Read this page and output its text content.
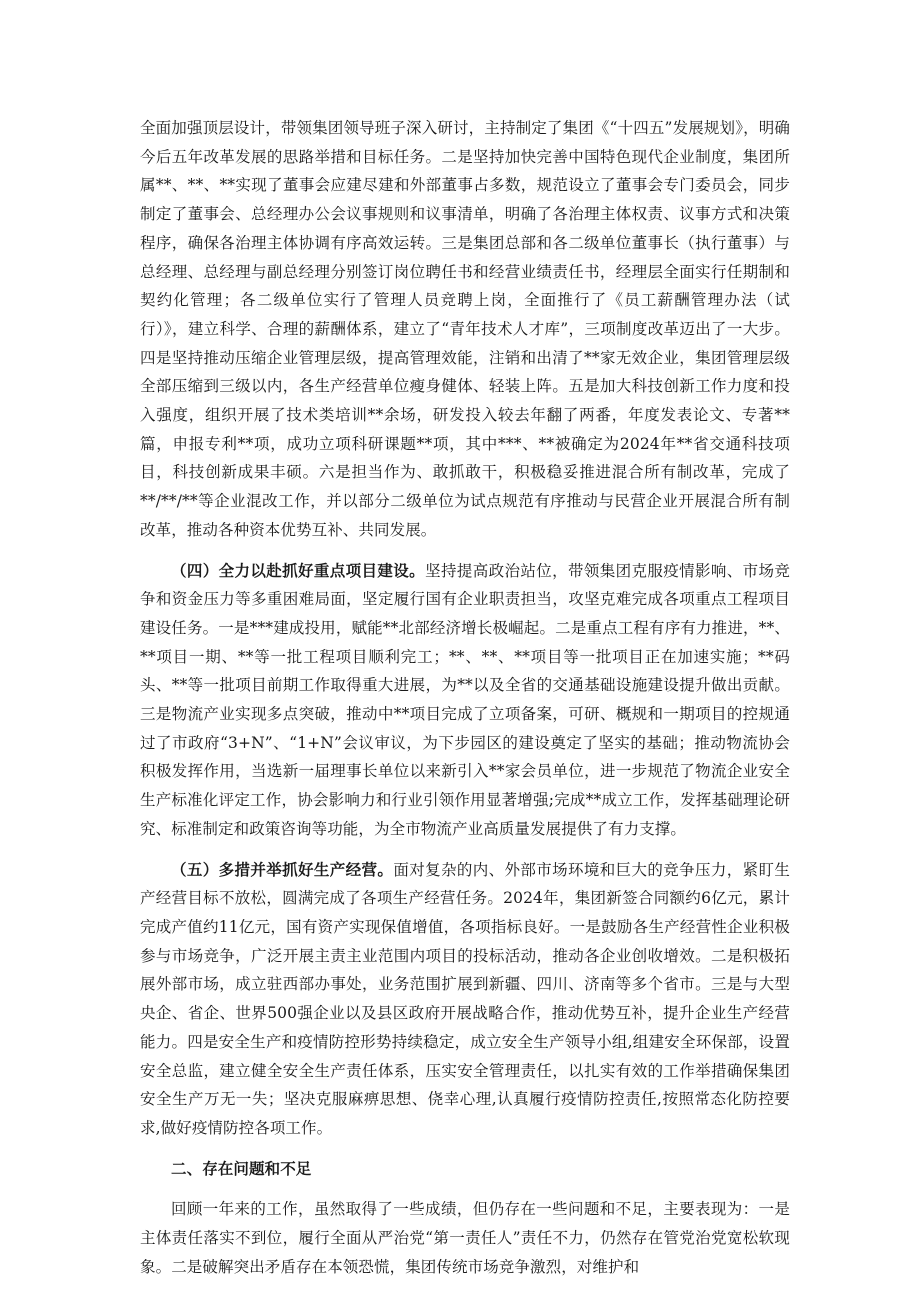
全面加强顶层设计，带领集团领导班子深入研讨，主持制定了集团《“十四五”发展规划》，明确今后五年改革发展的思路举措和目标任务。二是坚持加快完善中国特色现代企业制度，集团所属**、**、**实现了董事会应建尽建和外部董事占多数，规范设立了董事会专门委员会，同步制定了董事会、总经理办公会议事规则和议事清单，明确了各治理主体权责、议事方式和决策程序，确保各治理主体协调有序高效运转。三是集团总部和各二级单位董事长（执行董事）与总经理、总经理与副总经理分别签订岗位聘任书和经营业绩责任书，经理层全面实行任期制和契约化管理；各二级单位实行了管理人员竞聘上岗，全面推行了《员工薪酬管理办法（试行）》，建立科学、合理的薪酬体系，建立了“青年技术人才库”，三项制度改革迈出了一大步。四是坚持推动压缩企业管理层级，提高管理效能，注销和出清了**家无效企业，集团管理层级全部压缩到三级以内，各生产经营单位瘦身健体、轻装上阵。五是加大科技创新工作力度和投入强度，组织开展了技术类培训**余场，研发投入较去年翻了两番，年度发表论文、专著**篇，申报专利**项，成功立项科研课题**项，其中***、**被确定为2024年**省交通科技项目，科技创新成果丰硕。六是担当作为、敢抓敢干，积极稳妥推进混合所有制改革，完成了**/**/**等企业混改工作，并以部分二级单位为试点规范有序推动与民营企业开展混合所有制改革，推动各种资本优势互补、共同发展。

（四）全力以赴抓好重点项目建设。坚持提高政治站位，带领集团克服疫情影响、市场竞争和资金压力等多重困难局面，坚定履行国有企业职责担当，攻坚克难完成各项重点工程项目建设任务。一是***建成投用，赋能**北部经济增长极崛起。二是重点工程有序有力推进，**、**项目一期、**等一批工程项目顺利完工；**、**、**项目等一批项目正在加速实施；**码头、**等一批项目前期工作取得重大进展，为**以及全省的交通基础设施建设提升做出贡献。三是物流产业实现多点突破，推动中**项目完成了立项备案，可研、概规和一期项目的控规通过了市政府“3+N”、“1+N”会议审议，为下步园区的建设奠定了坚实的基础；推动物流协会积极发挥作用，当选新一届理事长单位以来新引入**家会员单位，进一步规范了物流企业安全生产标准化评定工作，协会影响力和行业引领作用显著增强;完成**成立工作，发挥基础理论研究、标准制定和政策咨询等功能，为全市物流产业高质量发展提供了有力支撑。

（五）多措并举抓好生产经营。面对复杂的内、外部市场环境和巨大的竞争压力，紧盯生产经营目标不放松，圆满完成了各项生产经营任务。2024年，集团新签合同额约6亿元，累计完成产值约11亿元，国有资产实现保值增值，各项指标良好。一是鼓励各生产经营性企业积极参与市场竞争，广泛开展主责主业范围内项目的投标活动，推动各企业创收增效。二是积极拓展外部市场，成立驻西部办事处，业务范围扩展到新疆、四川、济南等多个省市。三是与大型央企、省企、世界500强企业以及县区政府开展战略合作，推动优势互补，提升企业生产经营能力。四是安全生产和疫情防控形势持续稳定，成立安全生产领导小组,组建安全环保部，设置安全总监，建立健全安全生产责任体系，压实安全管理责任，以扎实有效的工作举措确保集团安全生产万无一失；坚决克服麻痹思想、侥幸心理,认真履行疫情防控责任,按照常态化防控要求,做好疫情防控各项工作。

二、存在问题和不足

回顾一年来的工作，虽然取得了一些成绩，但仍存在一些问题和不足，主要表现为：一是主体责任落实不到位，履行全面从严治党“第一责任人”责任不力，仍然存在管党治党宽松软现象。二是破解突出矛盾存在本领恐慌，集团传统市场竞争激烈，对维护和
